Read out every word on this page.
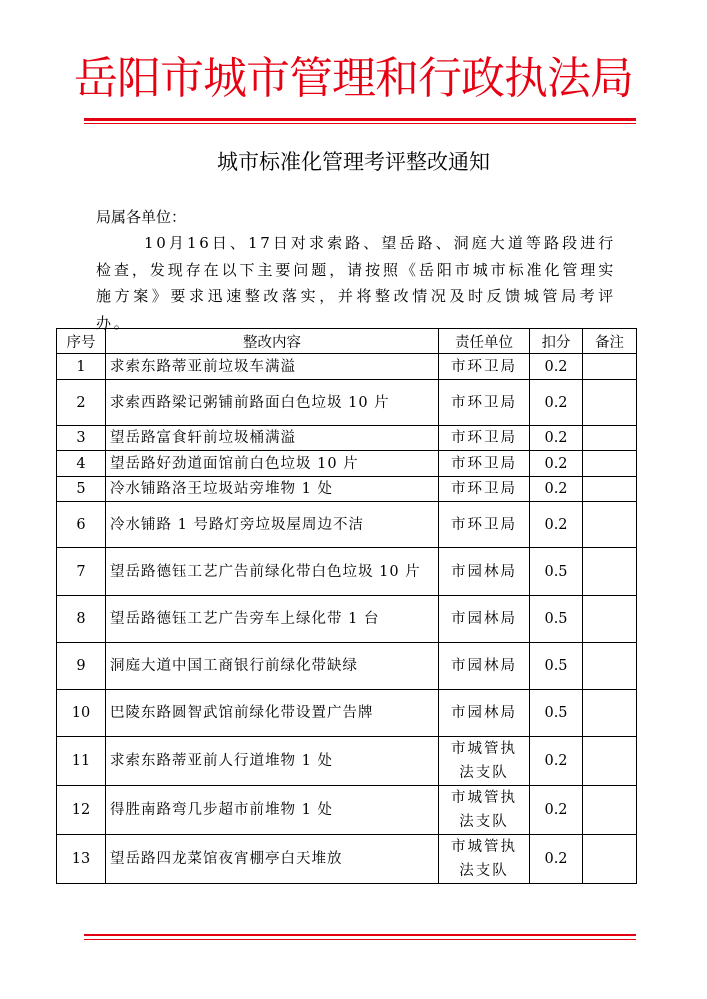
岳阳市城市管理和行政执法局
城市标准化管理考评整改通知
局属各单位：
10月16日、17日对求索路、望岳路、洞庭大道等路段进行检查，发现存在以下主要问题，请按照《岳阳市城市标准化管理实施方案》要求迅速整改落实，并将整改情况及时反馈城管局考评办。
序号	整改内容	责任单位	扣分	备注
1	求索东路蒂亚前垃圾车满溢	市环卫局	0.2	
2	求索西路梁记粥铺前路面白色垃圾 10 片	市环卫局	0.2	
3	望岳路富食轩前垃圾桶满溢	市环卫局	0.2	
4	望岳路好劲道面馆前白色垃圾 10 片	市环卫局	0.2	
5	冷水铺路洛王垃圾站旁堆物 1 处	市环卫局	0.2	
6	冷水铺路 1 号路灯旁垃圾屋周边不洁	市环卫局	0.2	
7	望岳路德钰工艺广告前绿化带白色垃圾 10 片	市园林局	0.5	
8	望岳路德钰工艺广告旁车上绿化带 1 台	市园林局	0.5	
9	洞庭大道中国工商银行前绿化带缺绿	市园林局	0.5	
10	巴陵东路圆智武馆前绿化带设置广告牌	市园林局	0.5	
11	求索东路蒂亚前人行道堆物 1 处	市城管执法支队	0.2	
12	得胜南路弯几步超市前堆物 1 处	市城管执法支队	0.2	
13	望岳路四龙菜馆夜宵棚亭白天堆放	市城管执法支队	0.2	
